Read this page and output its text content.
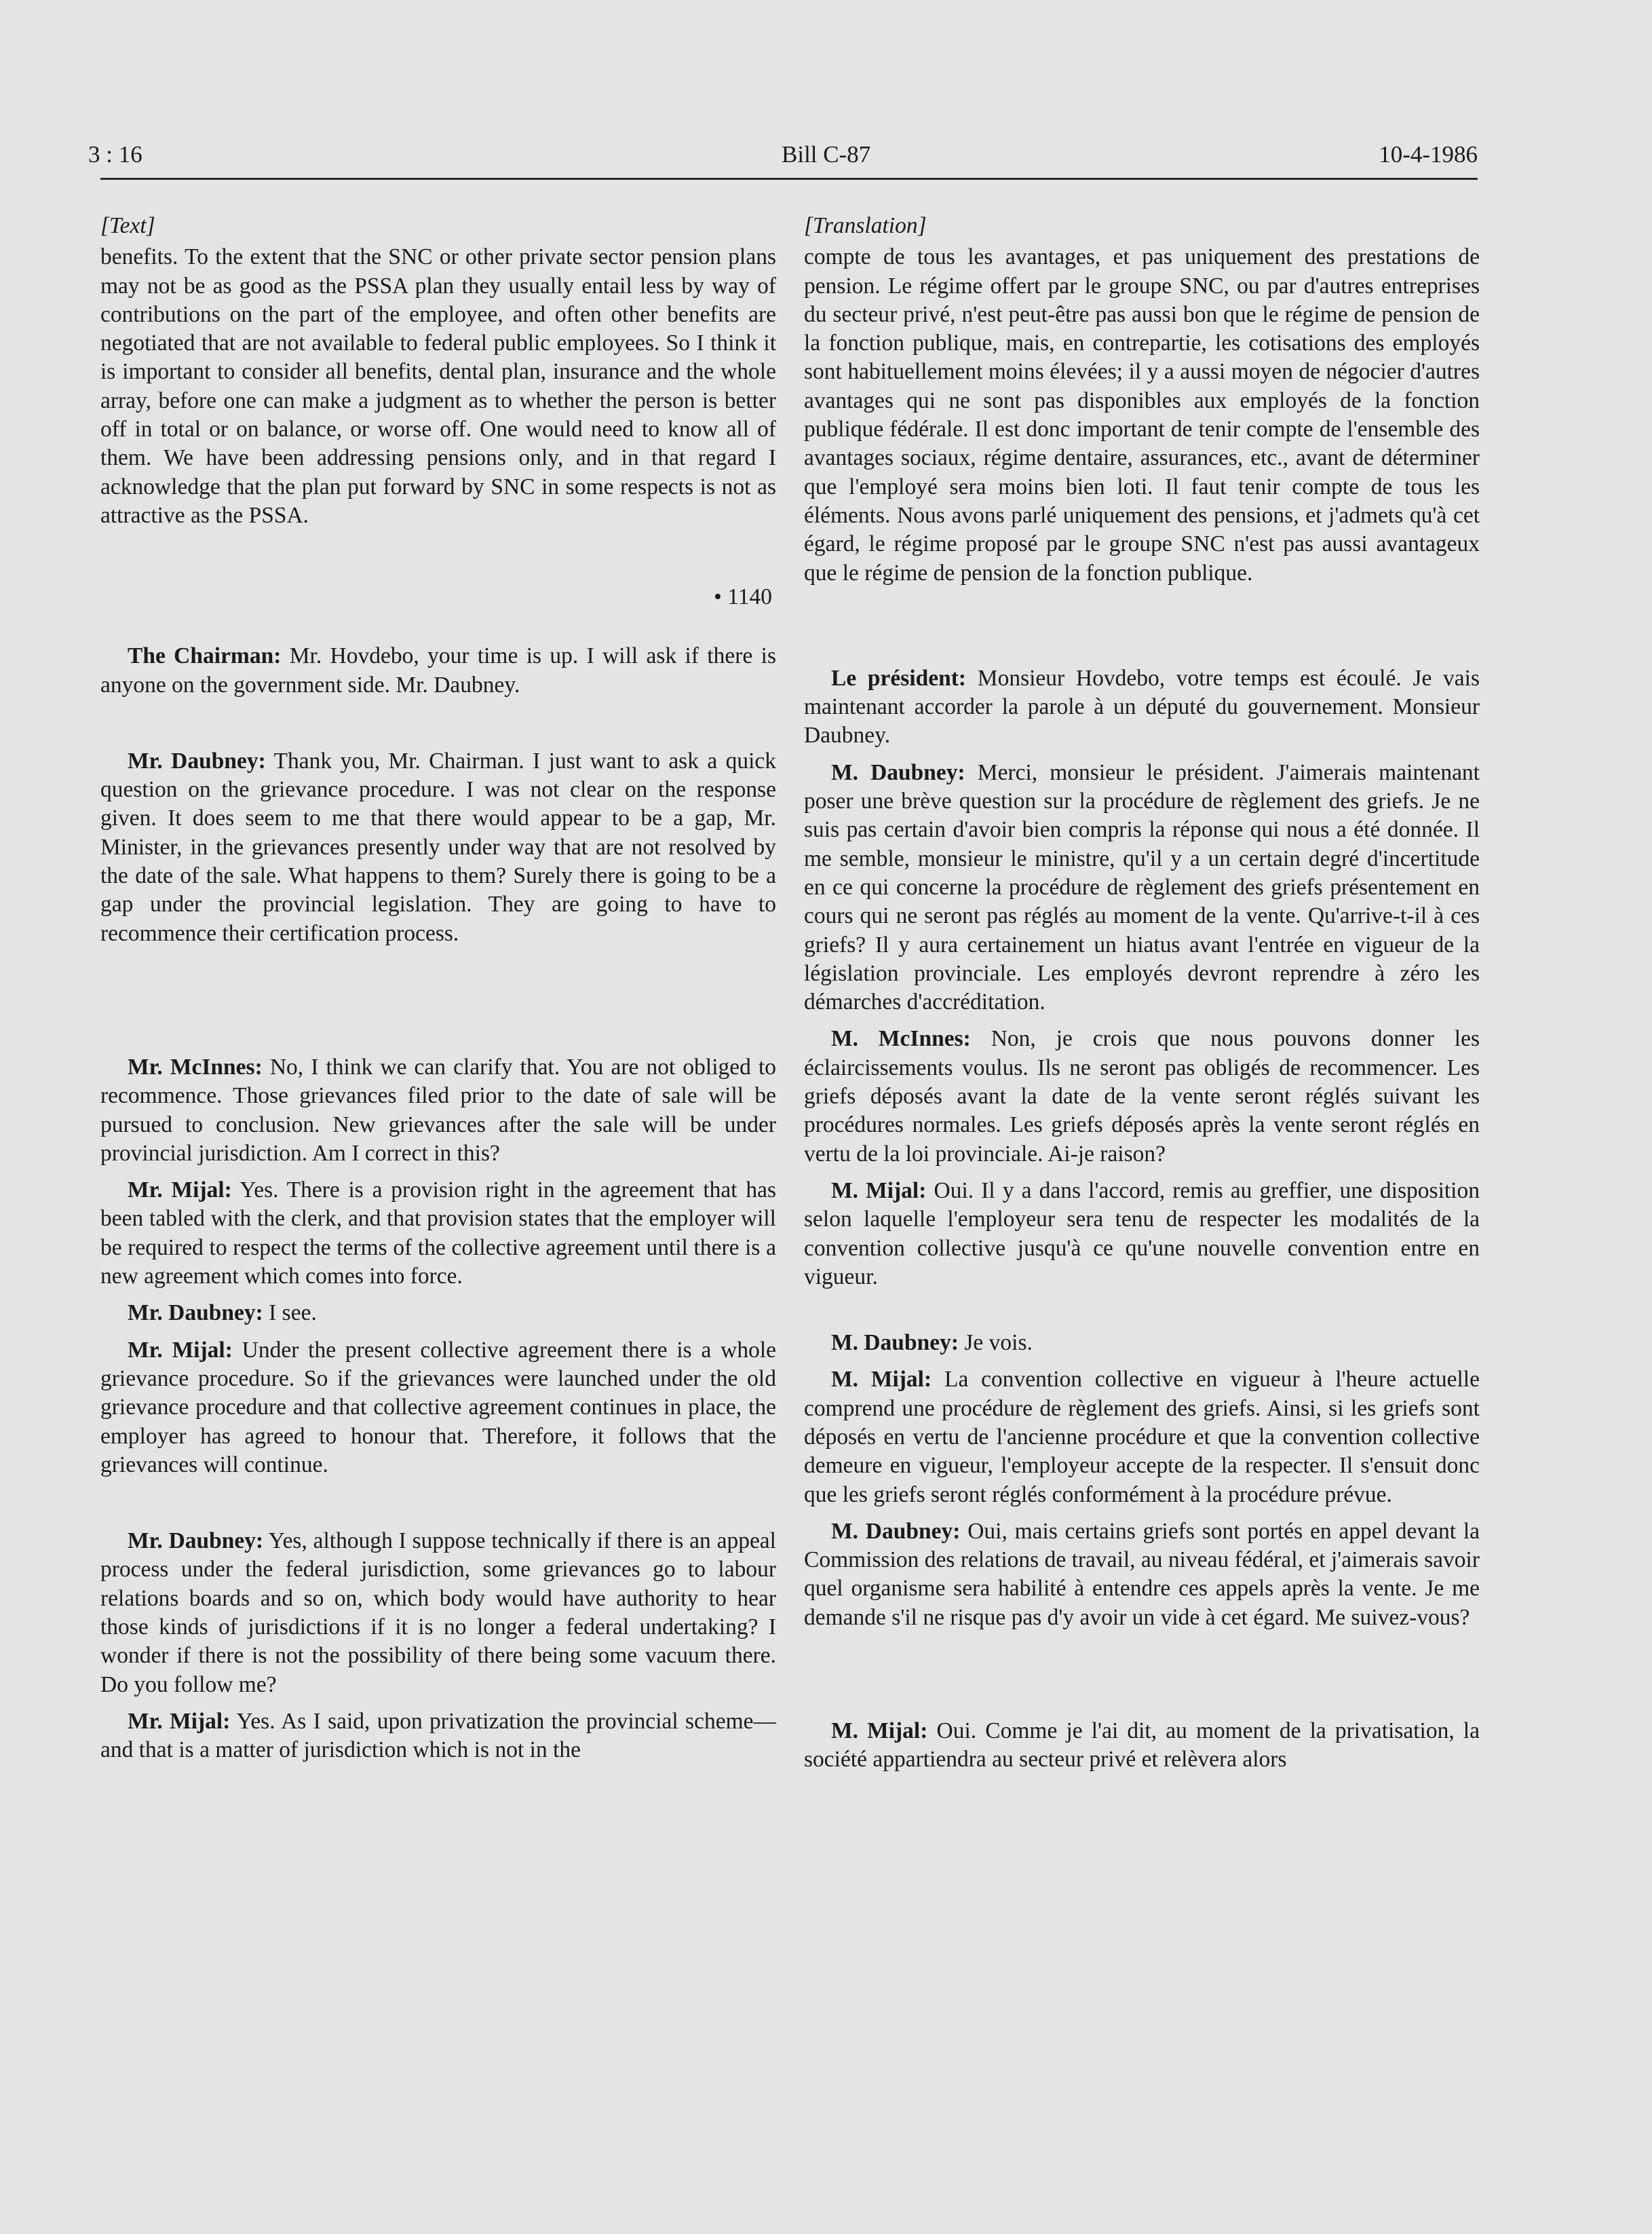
3 : 16	Bill C-87	10-4-1986

[Text]

benefits. To the extent that the SNC or other private sector pension plans may not be as good as the PSSA plan they usually entail less by way of contributions on the part of the employee, and often other benefits are negotiated that are not available to federal public employees. So I think it is important to consider all benefits, dental plan, insurance and the whole array, before one can make a judgment as to whether the person is better off in total or on balance, or worse off. One would need to know all of them. We have been addressing pensions only, and in that regard I acknowledge that the plan put forward by SNC in some respects is not as attractive as the PSSA.

• 1140

The Chairman: Mr. Hovdebo, your time is up. I will ask if there is anyone on the government side. Mr. Daubney.

Mr. Daubney: Thank you, Mr. Chairman. I just want to ask a quick question on the grievance procedure. I was not clear on the response given. It does seem to me that there would appear to be a gap, Mr. Minister, in the grievances presently under way that are not resolved by the date of the sale. What happens to them? Surely there is going to be a gap under the provincial legislation. They are going to have to recommence their certification process.

Mr. McInnes: No, I think we can clarify that. You are not obliged to recommence. Those grievances filed prior to the date of sale will be pursued to conclusion. New grievances after the sale will be under provincial jurisdiction. Am I correct in this?

Mr. Mijal: Yes. There is a provision right in the agreement that has been tabled with the clerk, and that provision states that the employer will be required to respect the terms of the collective agreement until there is a new agreement which comes into force.

Mr. Daubney: I see.

Mr. Mijal: Under the present collective agreement there is a whole grievance procedure. So if the grievances were launched under the old grievance procedure and that collective agreement continues in place, the employer has agreed to honour that. Therefore, it follows that the grievances will continue.

Mr. Daubney: Yes, although I suppose technically if there is an appeal process under the federal jurisdiction, some grievances go to labour relations boards and so on, which body would have authority to hear those kinds of jurisdictions if it is no longer a federal undertaking? I wonder if there is not the possibility of there being some vacuum there. Do you follow me?

Mr. Mijal: Yes. As I said, upon privatization the provincial scheme—and that is a matter of jurisdiction which is not in the

[Translation]

compte de tous les avantages, et pas uniquement des prestations de pension. Le régime offert par le groupe SNC, ou par d'autres entreprises du secteur privé, n'est peut-être pas aussi bon que le régime de pension de la fonction publique, mais, en contrepartie, les cotisations des employés sont habituellement moins élevées; il y a aussi moyen de négocier d'autres avantages qui ne sont pas disponibles aux employés de la fonction publique fédérale. Il est donc important de tenir compte de l'ensemble des avantages sociaux, régime dentaire, assurances, etc., avant de déterminer que l'employé sera moins bien loti. Il faut tenir compte de tous les éléments. Nous avons parlé uniquement des pensions, et j'admets qu'à cet égard, le régime proposé par le groupe SNC n'est pas aussi avantageux que le régime de pension de la fonction publique.

Le président: Monsieur Hovdebo, votre temps est écoulé. Je vais maintenant accorder la parole à un député du gouvernement. Monsieur Daubney.

M. Daubney: Merci, monsieur le président. J'aimerais maintenant poser une brève question sur la procédure de règlement des griefs. Je ne suis pas certain d'avoir bien compris la réponse qui nous a été donnée. Il me semble, monsieur le ministre, qu'il y a un certain degré d'incertitude en ce qui concerne la procédure de règlement des griefs présentement en cours qui ne seront pas réglés au moment de la vente. Qu'arrive-t-il à ces griefs? Il y aura certainement un hiatus avant l'entrée en vigueur de la législation provinciale. Les employés devront reprendre à zéro les démarches d'accréditation.

M. McInnes: Non, je crois que nous pouvons donner les éclaircissements voulus. Ils ne seront pas obligés de recommencer. Les griefs déposés avant la date de la vente seront réglés suivant les procédures normales. Les griefs déposés après la vente seront réglés en vertu de la loi provinciale. Ai-je raison?

M. Mijal: Oui. Il y a dans l'accord, remis au greffier, une disposition selon laquelle l'employeur sera tenu de respecter les modalités de la convention collective jusqu'à ce qu'une nouvelle convention entre en vigueur.

M. Daubney: Je vois.

M. Mijal: La convention collective en vigueur à l'heure actuelle comprend une procédure de règlement des griefs. Ainsi, si les griefs sont déposés en vertu de l'ancienne procédure et que la convention collective demeure en vigueur, l'employeur accepte de la respecter. Il s'ensuit donc que les griefs seront réglés conformément à la procédure prévue.

M. Daubney: Oui, mais certains griefs sont portés en appel devant la Commission des relations de travail, au niveau fédéral, et j'aimerais savoir quel organisme sera habilité à entendre ces appels après la vente. Je me demande s'il ne risque pas d'y avoir un vide à cet égard. Me suivez-vous?

M. Mijal: Oui. Comme je l'ai dit, au moment de la privatisation, la société appartiendra au secteur privé et relèvera alors
